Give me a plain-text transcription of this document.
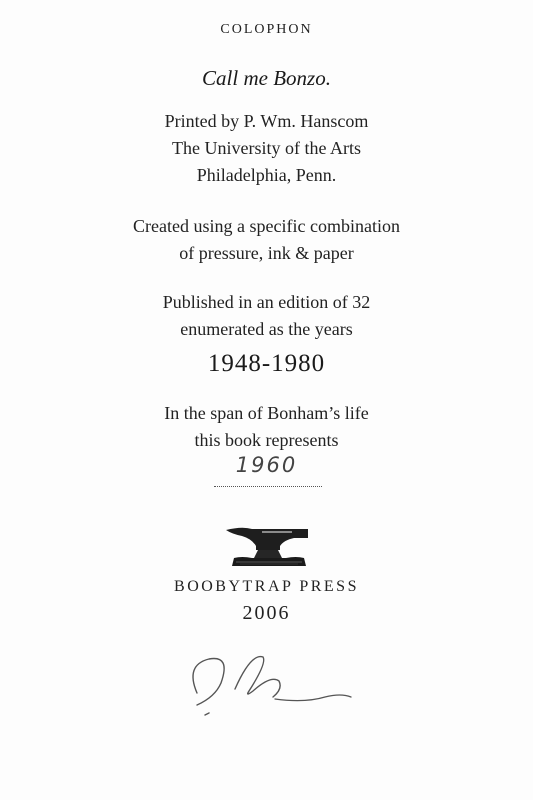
COLOPHON
Call me Bonzo.
Printed by P. Wm. Hanscom
The University of the Arts
Philadelphia, Penn.
Created using a specific combination
of pressure, ink & paper
Published in an edition of 32
enumerated as the years
1948-1980
In the span of Bonham’s life
this book represents
1960
BOOBYTRAP PRESS
2006
